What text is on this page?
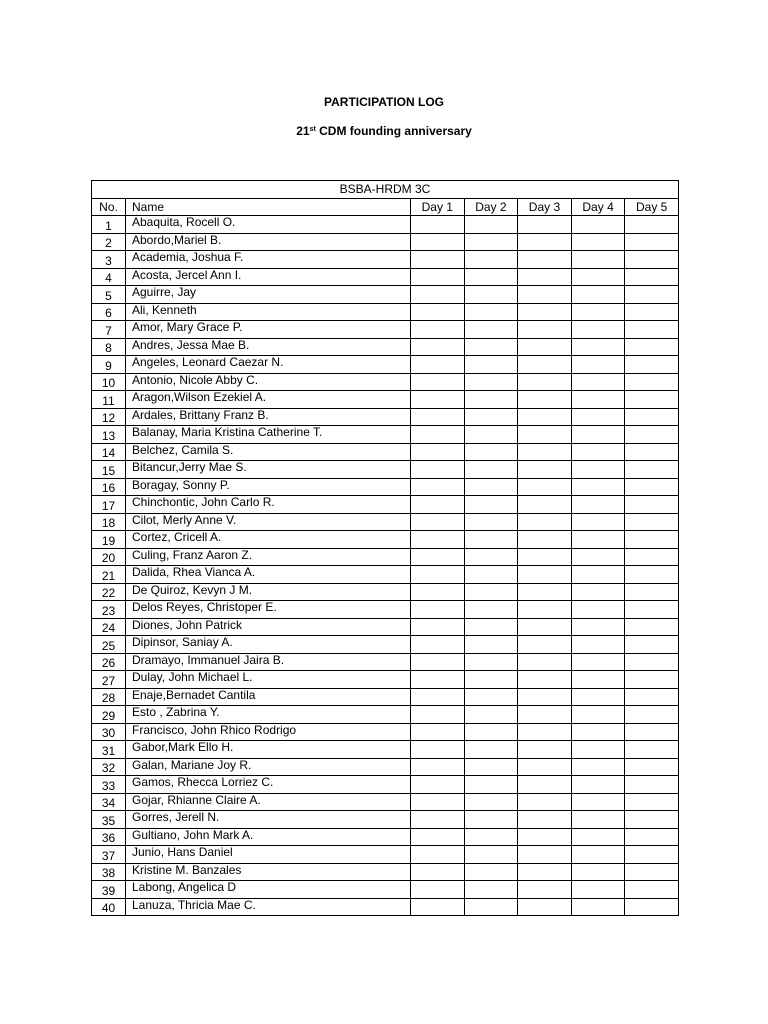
PARTICIPATION LOG
21st CDM founding anniversary
BSBA-HRDM 3C						
No.	Name	Day 1	Day 2	Day 3	Day 4	Day 5
1	Abaquita, Rocell O.					
2	Abordo,Mariel B.					
3	Academia, Joshua F.					
4	Acosta, Jercel Ann I.					
5	Aguirre, Jay					
6	Ali, Kenneth					
7	Amor, Mary Grace P.					
8	Andres, Jessa Mae B.					
9	Angeles, Leonard Caezar N.					
10	Antonio, Nicole Abby C.					
11	Aragon,Wilson Ezekiel A.					
12	Ardales, Brittany Franz B.					
13	Balanay, Maria Kristina Catherine T.					
14	Belchez, Camila S.					
15	Bitancur,Jerry Mae S.					
16	Boragay, Sonny P.					
17	Chinchontic, John Carlo R.					
18	Cilot, Merly Anne V.					
19	Cortez, Cricell A.					
20	Culing, Franz Aaron Z.					
21	Dalida, Rhea Vianca A.					
22	De Quiroz, Kevyn J M.					
23	Delos Reyes, Christoper E.					
24	Diones, John Patrick					
25	Dipinsor, Saniay A.					
26	Dramayo, Immanuel Jaira B.					
27	Dulay, John Michael L.					
28	Enaje,Bernadet Cantila					
29	Esto , Zabrina Y.					
30	Francisco, John Rhico Rodrigo					
31	Gabor,Mark Ello H.					
32	Galan, Mariane Joy R.					
33	Gamos, Rhecca Lorriez C.					
34	Gojar, Rhianne Claire A.					
35	Gorres, Jerell N.					
36	Gultiano, John Mark A.					
37	Junio, Hans Daniel					
38	Kristine M. Banzales					
39	Labong, Angelica D					
40	Lanuza, Thricia Mae C.					
